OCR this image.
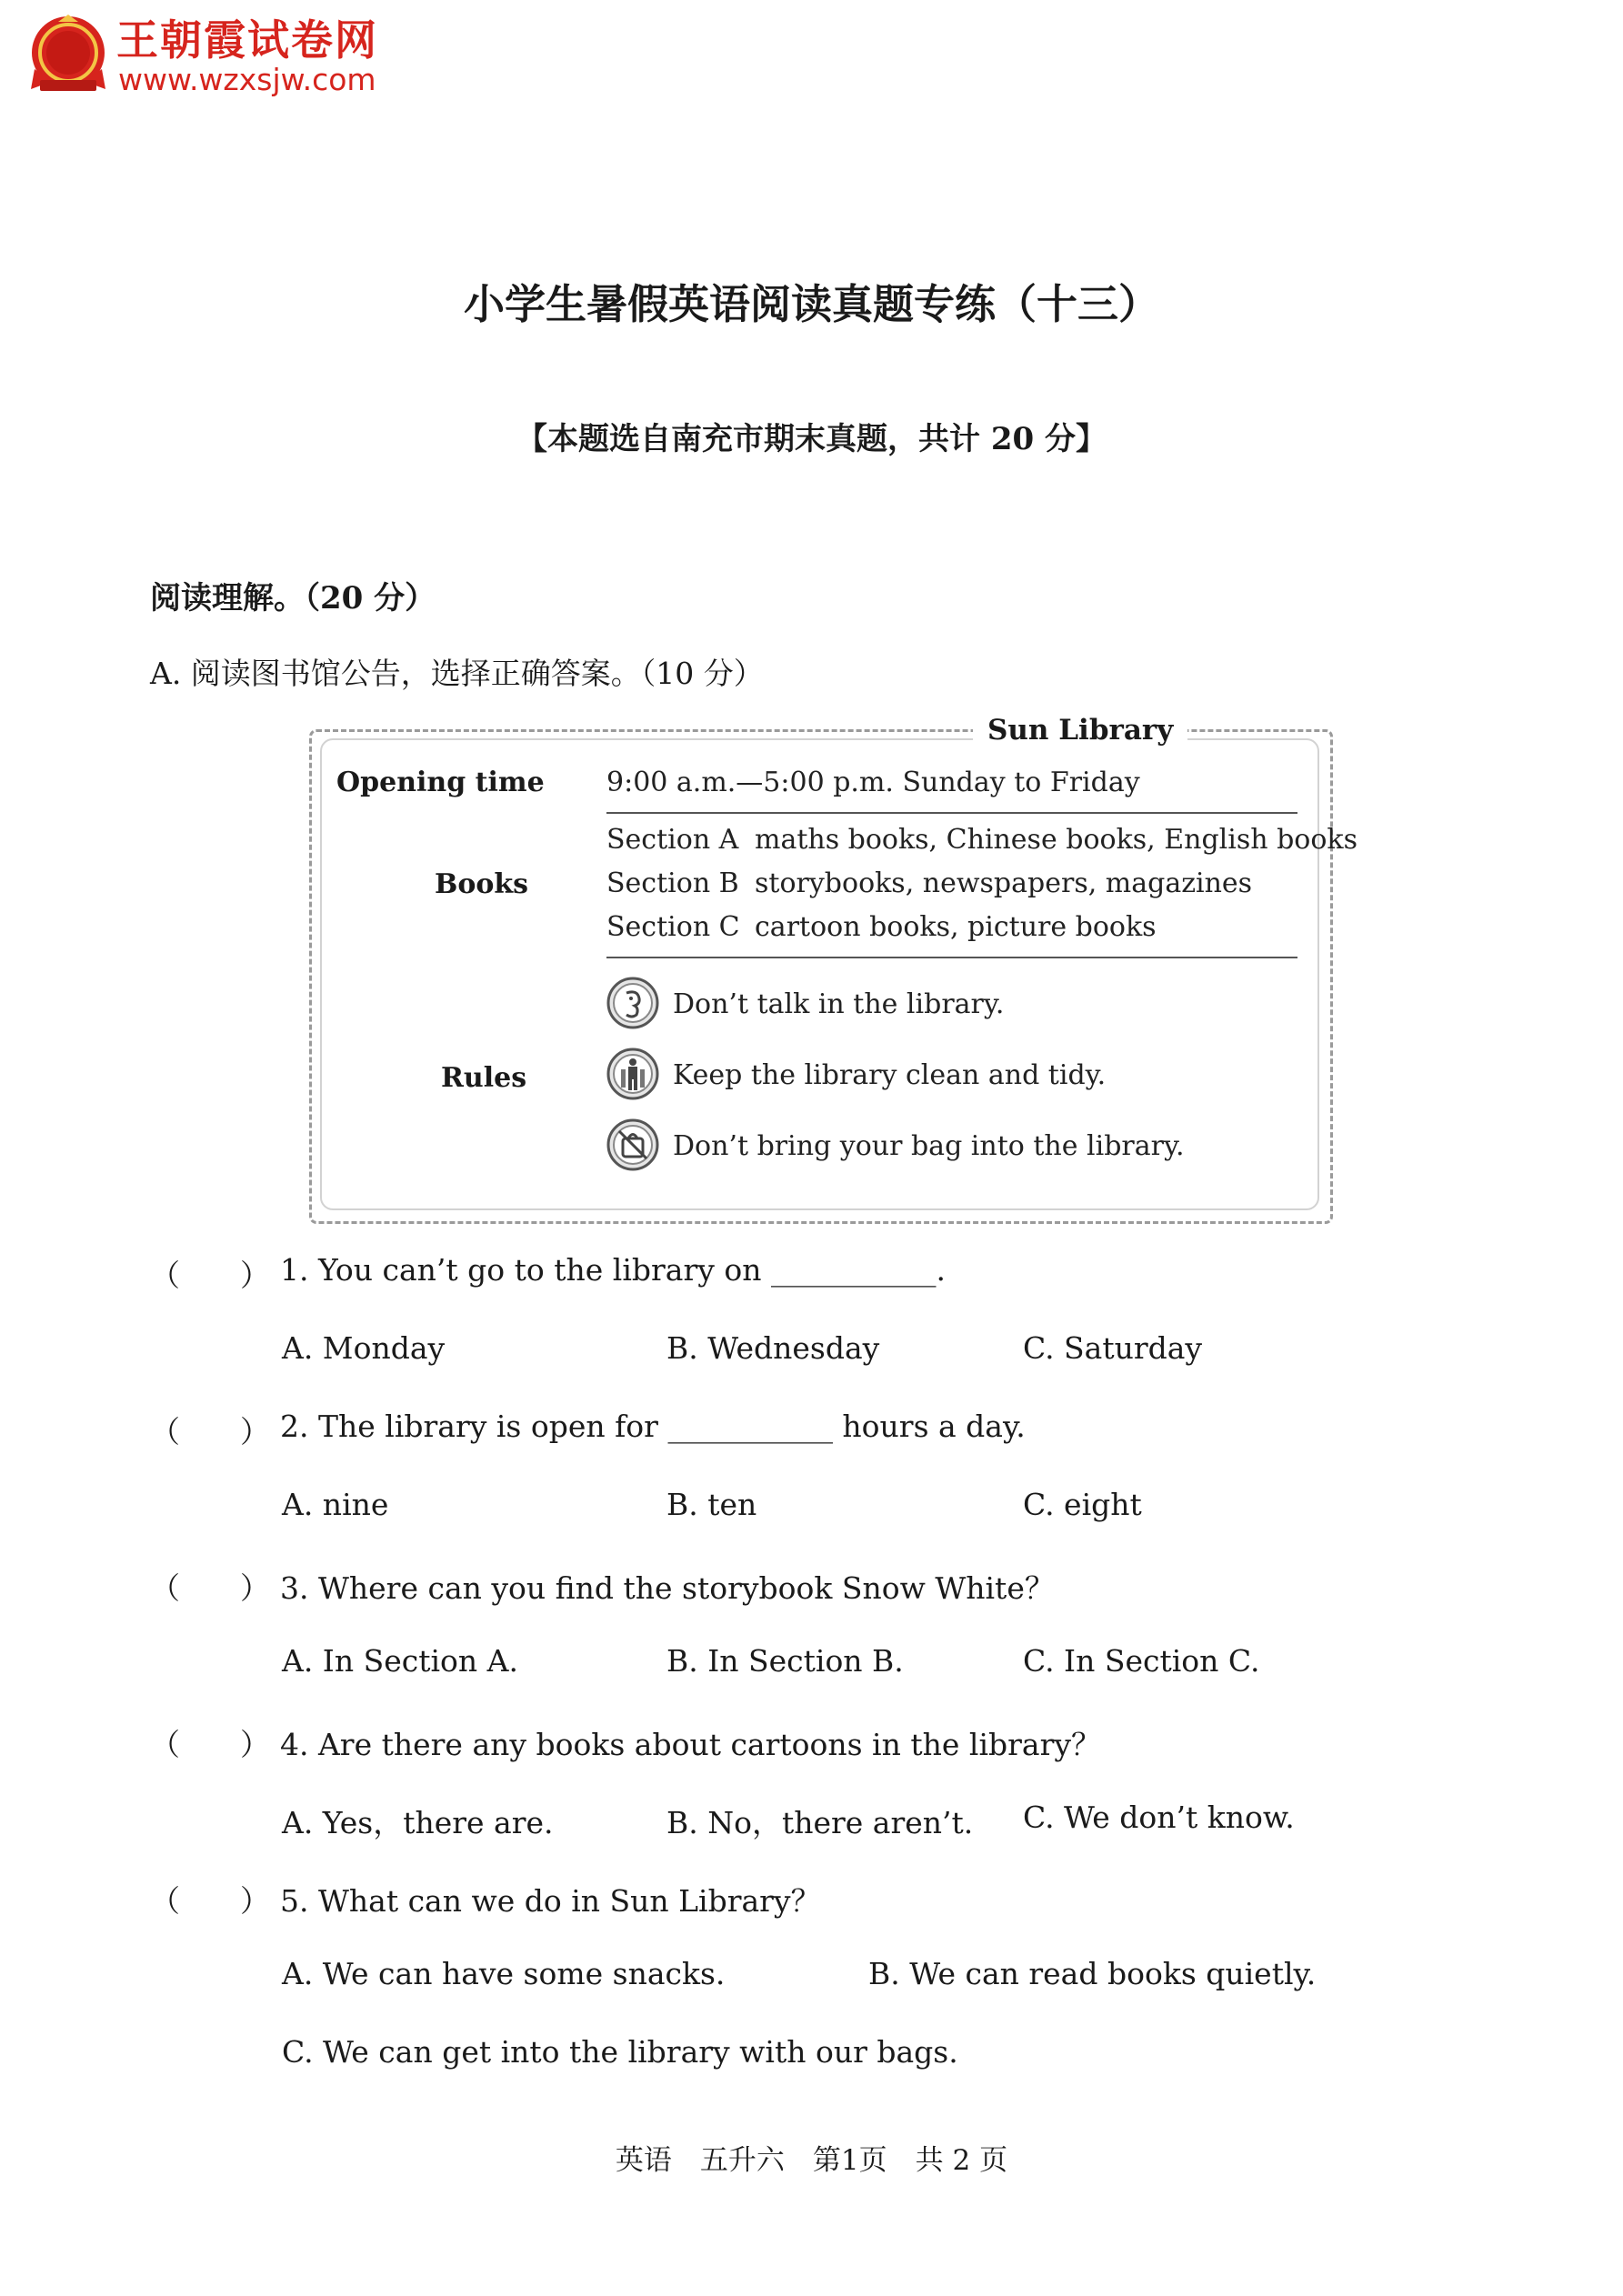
王朝霞试卷网
www.wzxsjw.com
小学生暑假英语阅读真题专练（十三）
【本题选自南充市期末真题，共计 20 分】
阅读理解。（20 分）
A. 阅读图书馆公告，选择正确答案。（10 分）
Sun Library
Opening time 9:00 a.m.—5:00 p.m. Sunday to Friday
Books
Section A maths books, Chinese books, English books
Section B storybooks, newspapers, magazines
Section C cartoon books, picture books
Rules
Don’t talk in the library.
Keep the library clean and tidy.
Don’t bring your bag into the library.
（　　） 1. You can’t go to the library on ___________.
A. Monday	B. Wednesday	C. Saturday
（　　） 2. The library is open for ___________ hours a day.
A. nine	B. ten	C. eight
（　　） 3. Where can you find the storybook Snow White？
A. In Section A.	B. In Section B.	C. In Section C.
（　　） 4. Are there any books about cartoons in the library？
A. Yes，there are.	B. No，there aren’t. C. We don’t know.
（　　） 5. What can we do in Sun Library？
A. We can have some snacks.	B. We can read books quietly.
C. We can get into the library with our bags.
英语　五升六　第1页　共 2 页
